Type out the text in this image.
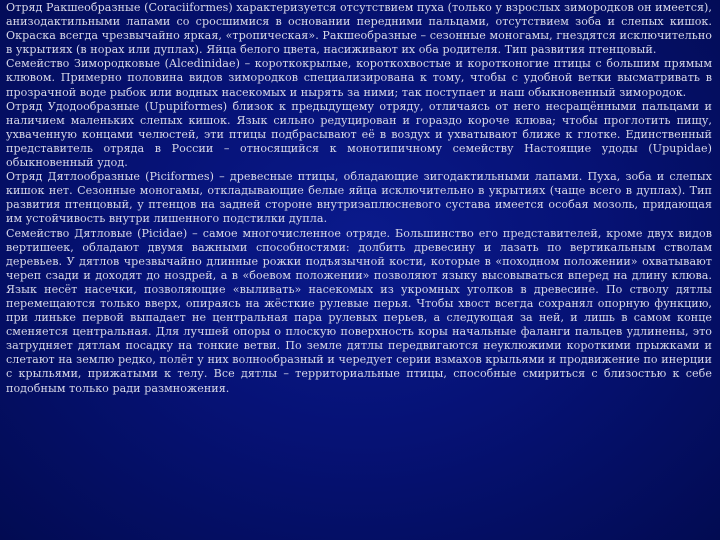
Отряд Ракшеобразные (Coraciiformes) характеризуется отсутствием пуха (только у взрослых зимородков он имеется), анизодактильными лапами со сросшимися в основании передними пальцами, отсутствием зоба и слепых кишок. Окраска всегда чрезвычайно яркая, «тропическая». Ракшеобразные – сезонные моногамы, гнездятся исключительно в укрытиях (в норах или дуплах). Яйца белого цвета, насиживают их оба родителя. Тип развития птенцовый.

Семейство Зимородковые (Alcedinidae) – короткокрылые, короткохвостые и коротконогие птицы с большим прямым клювом. Примерно половина видов зимородков специализирована к тому, чтобы с удобной ветки высматривать в прозрачной воде рыбок или водных насекомых и нырять за ними; так поступает и наш обыкновенный зимородок.

Отряд Удодообразные (Upupiformes) близок к предыдущему отряду, отличаясь от него несращёнными пальцами и наличием маленьких слепых кишок. Язык сильно редуцирован и гораздо короче клюва; чтобы проглотить пищу, ухваченную концами челюстей, эти птицы подбрасывают её в воздух и ухватывают ближе к глотке. Единственный представитель отряда в России – относящийся к монотипичному семейству Настоящие удоды (Upupidae) обыкновенный удод.

Отряд Дятлообразные (Piciformes) – древесные птицы, обладающие зигодактильными лапами. Пуха, зоба и слепых кишок нет. Сезонные моногамы, откладывающие белые яйца исключительно в укрытиях (чаще всего в дуплах). Тип развития птенцовый, у птенцов на задней стороне внутриэаплюсневого сустава имеется особая мозоль, придающая им устойчивость внутри лишенного подстилки дупла.

Семейство Дятловые (Picidae) – самое многочисленное отряде. Большинство его представителей, кроме двух видов вертишеек, обладают двумя важными способностями: долбить древесину и лазать по вертикальным стволам деревьев. У дятлов чрезвычайно длинные рожки подъязычной кости, которые в «походном положении» охватывают череп сзади и доходят до ноздрей, а в «боевом положении» позволяют языку высовываться вперед на длину клюва. Язык несёт насечки, позволяющие «выливать» насекомых из укромных уголков в древесине. По стволу дятлы перемещаются только вверх, опираясь на жёсткие рулевые перья. Чтобы хвост всегда сохранял опорную функцию, при линьке первой выпадает не центральная пара рулевых перьев, а следующая за ней, и лишь в самом конце сменяется центральная. Для лучшей опоры о плоскую поверхность коры начальные фаланги пальцев удлинены, это затрудняет дятлам посадку на тонкие ветви. По земле дятлы передвигаются неуклюжими короткими прыжками и слетают на землю редко, полёт у них волнообразный и чередует серии взмахов крыльями и продвижение по инерции с крыльями, прижатыми к телу. Все дятлы – территориальные птицы, способные смириться с близостью к себе подобным только ради размножения.
